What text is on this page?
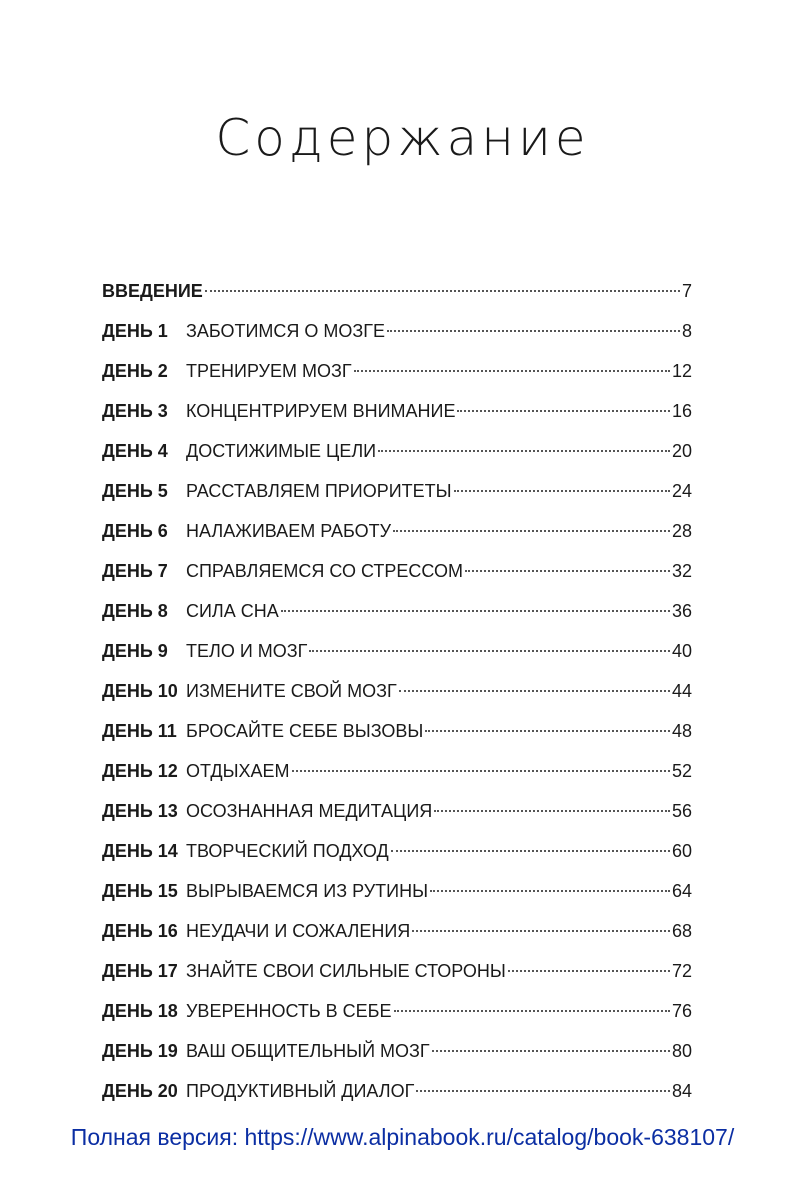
Содержание
ВВЕДЕНИЕ	7
ДЕНЬ 1	ЗАБОТИМСЯ О МОЗГЕ	8
ДЕНЬ 2	ТРЕНИРУЕМ МОЗГ	12
ДЕНЬ 3	КОНЦЕНТРИРУЕМ ВНИМАНИЕ	16
ДЕНЬ 4	ДОСТИЖИМЫЕ ЦЕЛИ	20
ДЕНЬ 5	РАССТАВЛЯЕМ ПРИОРИТЕТЫ	24
ДЕНЬ 6	НАЛАЖИВАЕМ РАБОТУ	28
ДЕНЬ 7	СПРАВЛЯЕМСЯ СО СТРЕССОМ	32
ДЕНЬ 8	СИЛА СНА	36
ДЕНЬ 9	ТЕЛО И МОЗГ	40
ДЕНЬ 10 ИЗМЕНИТЕ СВОЙ МОЗГ	44
ДЕНЬ 11 БРОСАЙТЕ СЕБЕ ВЫЗОВЫ	48
ДЕНЬ 12 ОТДЫХАЕМ	52
ДЕНЬ 13 ОСОЗНАННАЯ МЕДИТАЦИЯ	56
ДЕНЬ 14 ТВОРЧЕСКИЙ ПОДХОД	60
ДЕНЬ 15 ВЫРЫВАЕМСЯ ИЗ РУТИНЫ	64
ДЕНЬ 16 НЕУДАЧИ И СОЖАЛЕНИЯ	68
ДЕНЬ 17 ЗНАЙТЕ СВОИ СИЛЬНЫЕ СТОРОНЫ	72
ДЕНЬ 18 УВЕРЕННОСТЬ В СЕБЕ	76
ДЕНЬ 19 ВАШ ОБЩИТЕЛЬНЫЙ МОЗГ	80
ДЕНЬ 20 ПРОДУКТИВНЫЙ ДИАЛОГ	84
Полная версия: https://www.alpinabook.ru/catalog/book-638107/
